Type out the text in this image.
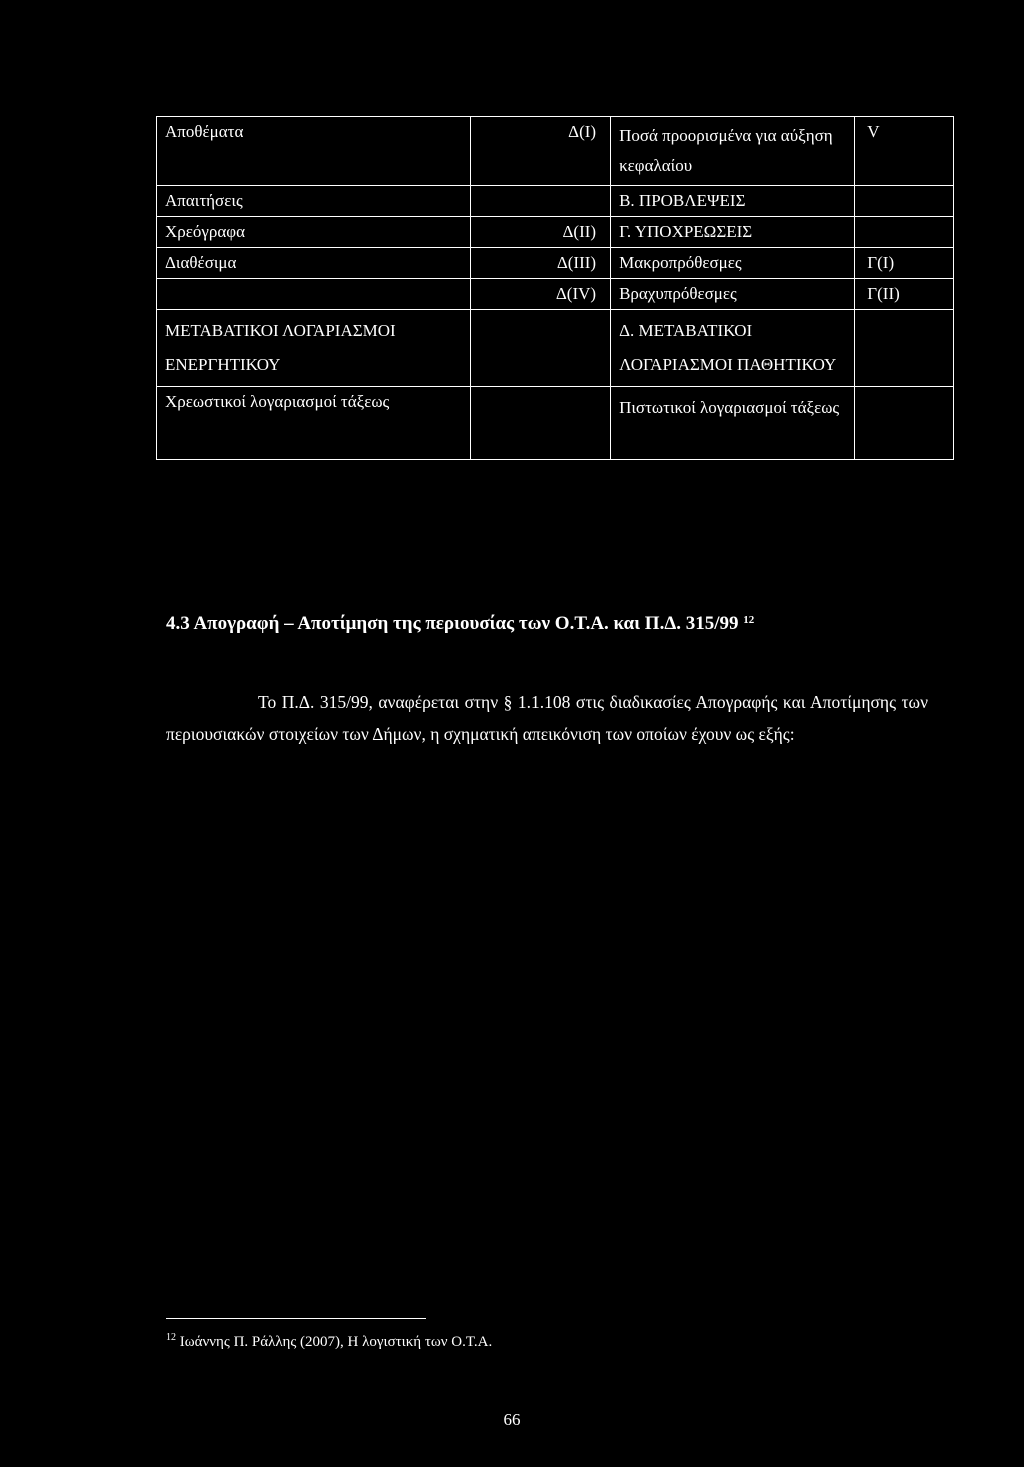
Αποθέματα	Δ(Ι)	Ποσά προορισμένα για αύξηση κεφαλαίου	V
Απαιτήσεις		Β. ΠΡΟΒΛΕΨΕΙΣ	
Χρεόγραφα	Δ(ΙΙ)	Γ. ΥΠΟΧΡΕΩΣΕΙΣ	
Διαθέσιμα	Δ(ΙΙΙ)	Μακροπρόθεσμες	Γ(Ι)
	Δ(IV)	Βραχυπρόθεσμες	Γ(ΙΙ)
ΜΕΤΑΒΑΤΙΚΟΙ ΛΟΓΑΡΙΑΣΜΟΙ ΕΝΕΡΓΗΤΙΚΟΥ		Δ. ΜΕΤΑΒΑΤΙΚΟΙ ΛΟΓΑΡΙΑΣΜΟΙ ΠΑΘΗΤΙΚΟΥ	
Χρεωστικοί λογαριασμοί τάξεως		Πιστωτικοί λογαριασμοί τάξεως	
4.3 Απογραφή – Αποτίμηση της περιουσίας των Ο.Τ.Α. και Π.Δ. 315/99 $^{12}$
Το Π.Δ. 315/99, αναφέρεται στην § 1.1.108 στις διαδικασίες Απογραφής και Αποτίμησης των περιουσιακών στοιχείων των Δήμων, η σχηματική απεικόνιση των οποίων έχουν ως εξής:
$^{12}$ Ιωάννης Π. Ράλλης (2007), Η λογιστική των Ο.Τ.Α.
66
